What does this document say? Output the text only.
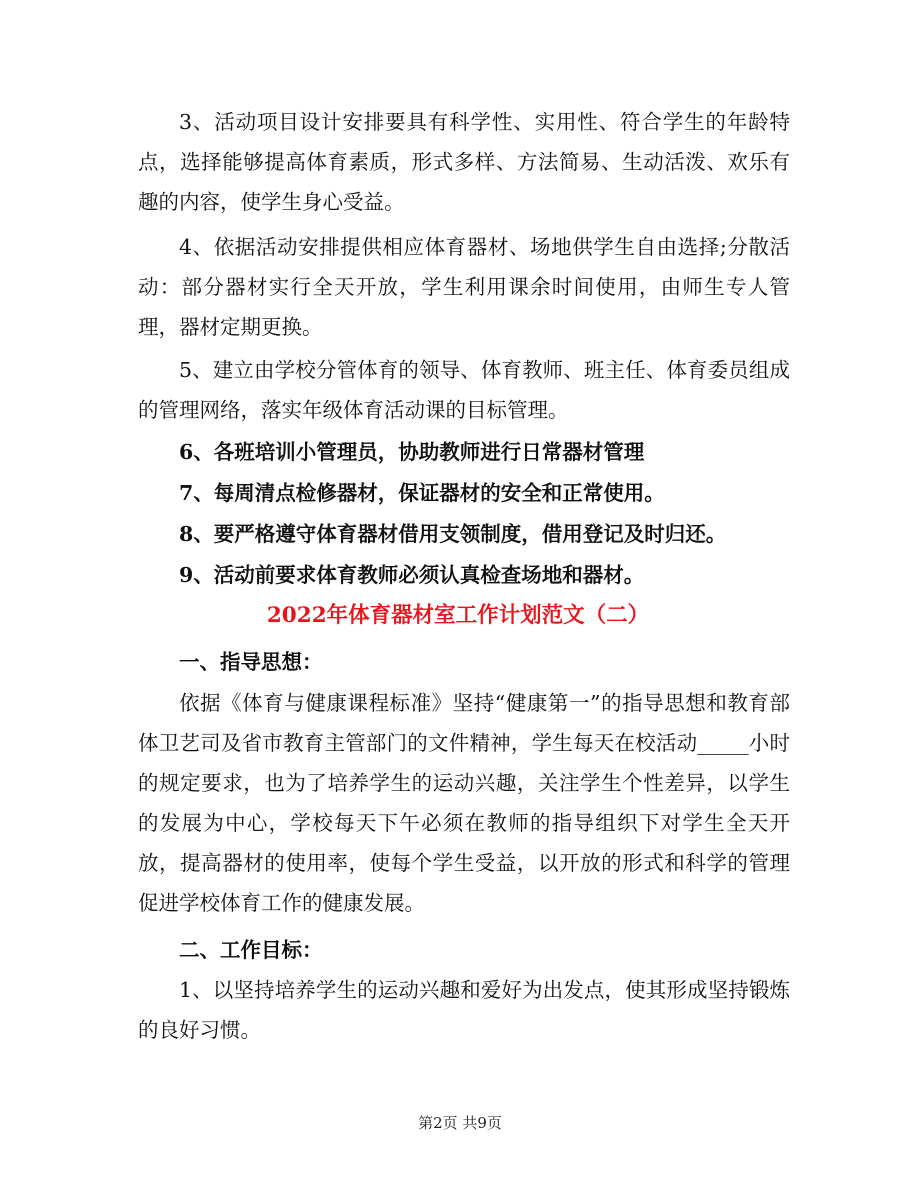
3、活动项目设计安排要具有科学性、实用性、符合学生的年龄特点，选择能够提高体育素质，形式多样、方法简易、生动活泼、欢乐有趣的内容，使学生身心受益。

4、依据活动安排提供相应体育器材、场地供学生自由选择;分散活动：部分器材实行全天开放，学生利用课余时间使用，由师生专人管理，器材定期更换。

5、建立由学校分管体育的领导、体育教师、班主任、体育委员组成的管理网络，落实年级体育活动课的目标管理。

6、各班培训小管理员，协助教师进行日常器材管理

7、每周清点检修器材，保证器材的安全和正常使用。

8、要严格遵守体育器材借用支领制度，借用登记及时归还。

9、活动前要求体育教师必须认真检查场地和器材。

2022年体育器材室工作计划范文（二）

一、指导思想：

依据《体育与健康课程标准》坚持“健康第一”的指导思想和教育部体卫艺司及省市教育主管部门的文件精神，学生每天在校活动_____小时的规定要求，也为了培养学生的运动兴趣，关注学生个性差异，以学生的发展为中心，学校每天下午必须在教师的指导组织下对学生全天开放，提高器材的使用率，使每个学生受益，以开放的形式和科学的管理促进学校体育工作的健康发展。

二、工作目标：

1、以坚持培养学生的运动兴趣和爱好为出发点，使其形成坚持锻炼的良好习惯。

第2页 共9页
